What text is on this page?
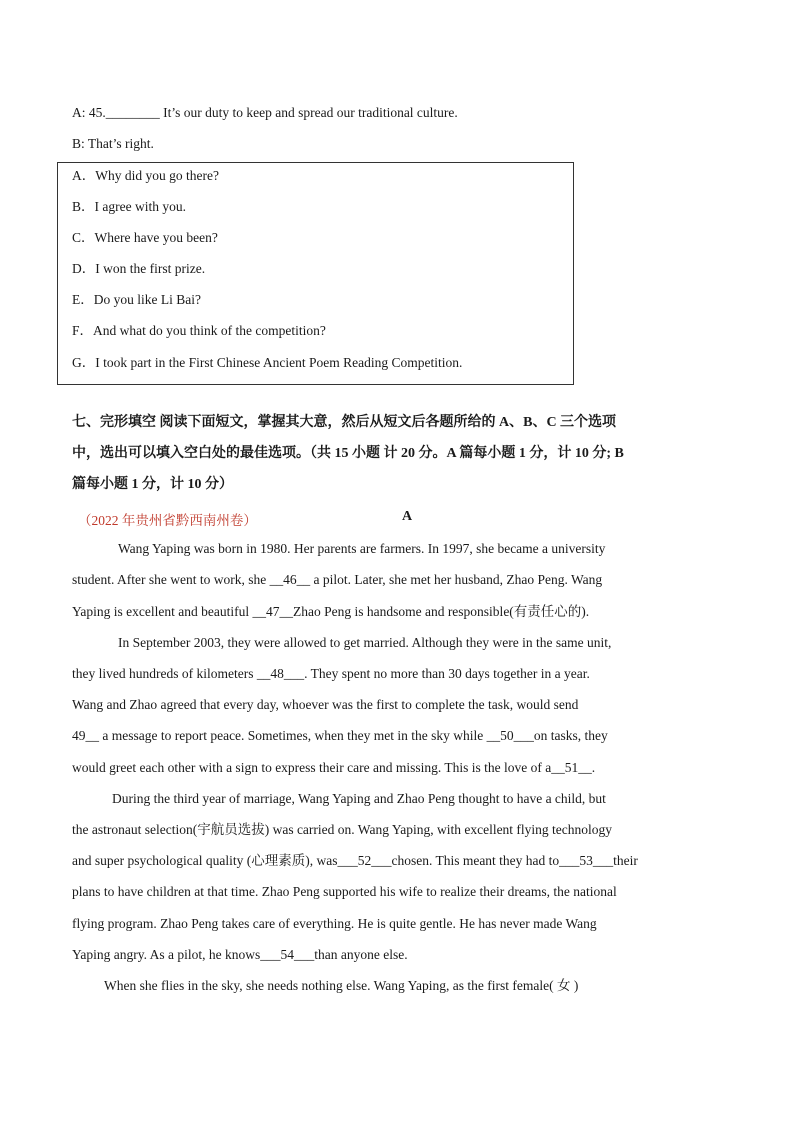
A: 45.________ It’s our duty to keep and spread our traditional culture.
B: That’s right.
A．Why did you go there?
B．I agree with you.
C．Where have you been?
D．I won the first prize.
E．Do you like Li Bai?
F．And what do you think of the competition?
G．I took part in the First Chinese Ancient Poem Reading Competition.
七、完形填空 阅读下面短文，掌握其大意，然后从短文后各题所给的 A、B、C 三个选项
中，选出可以填入空白处的最佳选项。（共 15 小题 计 20 分。A 篇每小题 1 分，计 10 分; B
篇每小题 1 分，计 10 分）
（2022 年贵州省黔西南州卷）	A
Wang Yaping was born in 1980. Her parents are farmers. In 1997, she became a university
student. After she went to work, she __46__ a pilot. Later, she met her husband, Zhao Peng. Wang
Yaping is excellent and beautiful __47__Zhao Peng is handsome and responsible(有责任心的).
In September 2003, they were allowed to get married. Although they were in the same unit,
they lived hundreds of kilometers __48___. They spent no more than 30 days together in a year.
Wang and Zhao agreed that every day, whoever was the first to complete the task, would send
49__ a message to report peace. Sometimes, when they met in the sky while __50___on tasks, they
would greet each other with a sign to express their care and missing. This is the love of a__51__.
During the third year of marriage, Wang Yaping and Zhao Peng thought to have a child, but
the astronaut selection(宇航员选拔) was carried on. Wang Yaping, with excellent flying technology
and super psychological quality (心理素质), was___52___chosen. This meant they had to___53___their
plans to have children at that time. Zhao Peng supported his wife to realize their dreams, the national
flying program. Zhao Peng takes care of everything. He is quite gentle. He has never made Wang
Yaping angry. As a pilot, he knows___54___than anyone else.
When she flies in the sky, she needs nothing else. Wang Yaping, as the first female( 女 )
